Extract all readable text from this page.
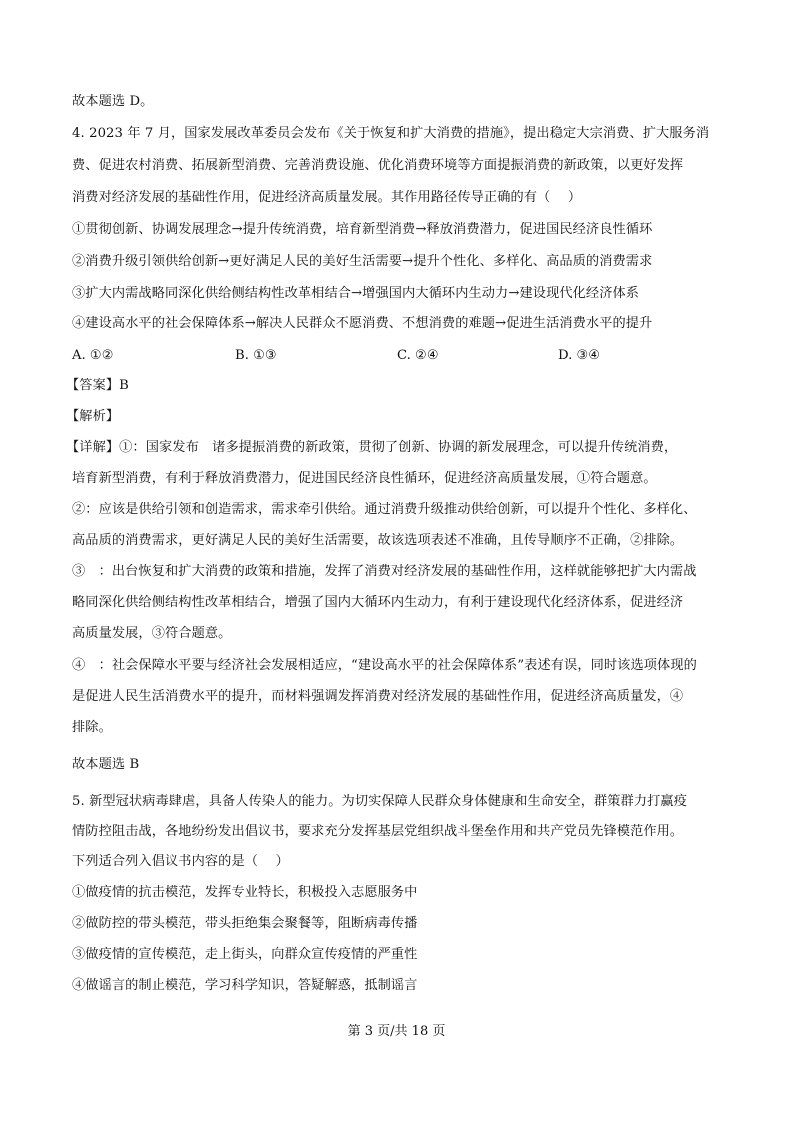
故本题选 D。
4. 2023 年 7 月，国家发展改革委员会发布《关于恢复和扩大消费的措施》，提出稳定大宗消费、扩大服务消
费、促进农村消费、拓展新型消费、完善消费设施、优化消费环境等方面提振消费的新政策，以更好发挥
消费对经济发展的基础性作用，促进经济高质量发展。其作用路径传导正确的有（　 ）
①贯彻创新、协调发展理念→提升传统消费，培育新型消费→释放消费潜力，促进国民经济良性循环
②消费升级引领供给创新→更好满足人民的美好生活需要→提升个性化、多样化、高品质的消费需求
③扩大内需战略同深化供给侧结构性改革相结合→增强国内大循环内生动力→建设现代化经济体系
④建设高水平的社会保障体系→解决人民群众不愿消费、不想消费的难题→促进生活消费水平的提升
A. ①②	B. ①③	C. ②④	D. ③④
【答案】B
【解析】
【详解】①：国家发布　诸多提振消费的新政策，贯彻了创新、协调的新发展理念，可以提升传统消费，
培育新型消费，有利于释放消费潜力，促进国民经济良性循环，促进经济高质量发展，①符合题意。
②：应该是供给引领和创造需求，需求牵引供给。通过消费升级推动供给创新，可以提升个性化、多样化、
高品质的消费需求，更好满足人民的美好生活需要，故该选项表述不准确，且传导顺序不正确，②排除。
③　：出台恢复和扩大消费的政策和措施，发挥了消费对经济发展的基础性作用，这样就能够把扩大内需战
略同深化供给侧结构性改革相结合，增强了国内大循环内生动力，有利于建设现代化经济体系，促进经济
高质量发展，③符合题意。
④　：社会保障水平要与经济社会发展相适应，“建设高水平的社会保障体系”表述有误，同时该选项体现的
是促进人民生活消费水平的提升，而材料强调发挥消费对经济发展的基础性作用，促进经济高质量发，④
排除。
故本题选 B
5. 新型冠状病毒肆虐，具备人传染人的能力。为切实保障人民群众身体健康和生命安全，群策群力打赢疫
情防控阻击战，各地纷纷发出倡议书，要求充分发挥基层党组织战斗堡垒作用和共产党员先锋模范作用。
下列适合列入倡议书内容的是（　 ）
①做疫情的抗击模范，发挥专业特长，积极投入志愿服务中
②做防控的带头模范，带头拒绝集会聚餐等，阻断病毒传播
③做疫情的宣传模范，走上街头，向群众宣传疫情的严重性
④做谣言的制止模范，学习科学知识，答疑解惑，抵制谣言
第 3 页/共 18 页
